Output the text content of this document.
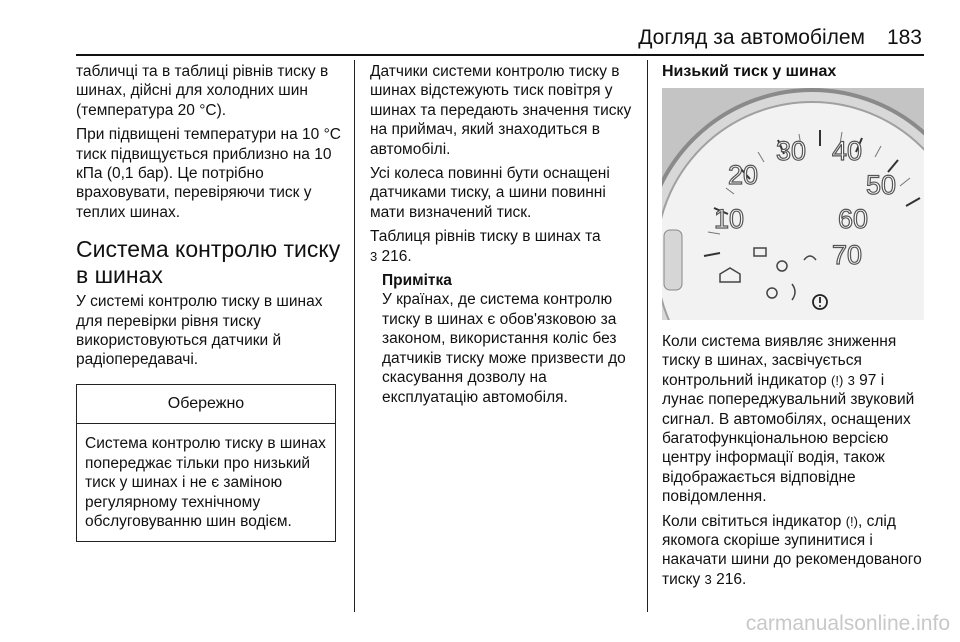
Догляд за автомобілем 183

табличці та в таблиці рівнів тиску в шинах, дійсні для холодних шин (температура 20 °C).

При підвищені температури на 10 °C тиск підвищується приблизно на 10 кПа (0,1 бар). Це потрібно враховувати, перевіряючи тиск у теплих шинах.

Система контролю тиску в шинах

У системі контролю тиску в шинах для перевірки рівня тиску використовуються датчики й радіопередавачі.

Обережно
Система контролю тиску в шинах попереджає тільки про низький тиск у шинах і не є заміною регулярному технічному обслуговуванню шин водієм.

Датчики системи контролю тиску в шинах відстежують тиск повітря у шинах та передають значення тиску на приймач, який знаходиться в автомобілі.

Усі колеса повинні бути оснащені датчиками тиску, а шини повинні мати визначений тиск.

Таблиця рівнів тиску в шинах та
3 216.

Примітка
У країнах, де система контролю тиску в шинах є обов'язковою за законом, використання коліс без датчиків тиску може призвести до скасування дозволу на експлуатацію автомобіля.
Низький тиск у шинах
20
30 40
50
60
70
10

Коли система виявляє зниження тиску в шинах, засвічується контрольний індикатор (!) 3 97 і лунає попереджувальний звуковий сигнал. В автомобілях, оснащених багатофункціональною версією центру інформації водія, також відображається відповідне повідомлення.

Коли світиться індикатор (!), слід якомога скоріше зупинитися і накачати шини до рекомендованого тиску 3 216.

carmanualsonline.info
